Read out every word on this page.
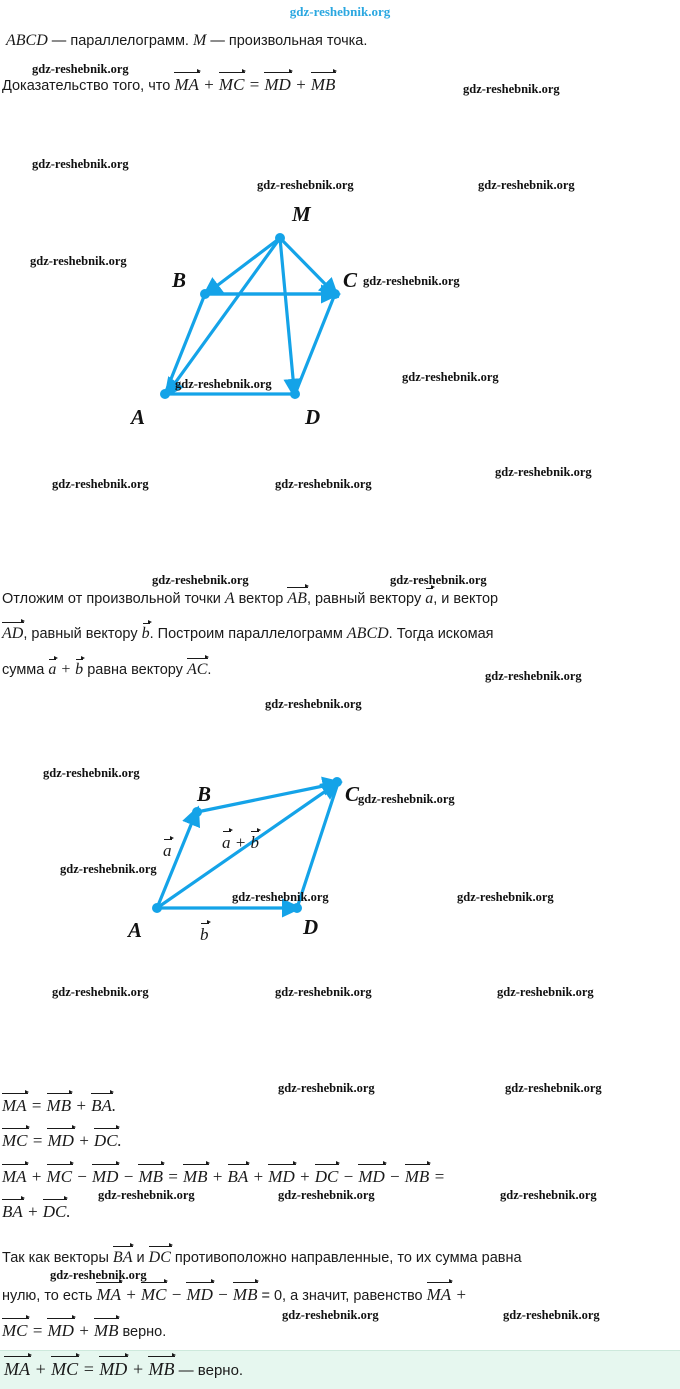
gdz-reshebnik.org
ABCD — параллелограмм. M — произвольная точка.
Доказательство того, что MA + MC = MD + MB
M
B	C
A	D
Отложим от произвольной точки A вектор AB, равный вектору a, и вектор
AD, равный вектору b. Построим параллелограмм ABCD. Тогда искомая
сумма a + b равна вектору AC.
B	C
A	D
a
b
a + b
MA = MB + BA.
MC = MD + DC.
MA + MC − MD − MB = MB + BA + MD + DC − MD − MB =
BA + DC.
Так как векторы BA и DC противоположно направленные, то их сумма равна
нулю, то есть MA + MC − MD − MB = 0, а значит, равенство MA +
MC = MD + MB верно.
MA + MC = MD + MB — верно.
gdz-reshebnik.org
gdz-reshebnik.org
gdz-reshebnik.org
gdz-reshebnik.org	gdz-reshebnik.org
gdz-reshebnik.org
gdz-reshebnik.org
gdz-reshebnik.org	gdz-reshebnik.org
gdz-reshebnik.org	gdz-reshebnik.org
gdz-reshebnik.org
gdz-reshebnik.org	gdz-reshebnik.org
gdz-reshebnik.org
gdz-reshebnik.org
gdz-reshebnik.org
gdz-reshebnik.org
gdz-reshebnik.org
gdz-reshebnik.org	gdz-reshebnik.org
gdz-reshebnik.org	gdz-reshebnik.org	gdz-reshebnik.org
gdz-reshebnik.org	gdz-reshebnik.org
gdz-reshebnik.org	gdz-reshebnik.org	gdz-reshebnik.org
gdz-reshebnik.org
gdz-reshebnik.org	gdz-reshebnik.org
